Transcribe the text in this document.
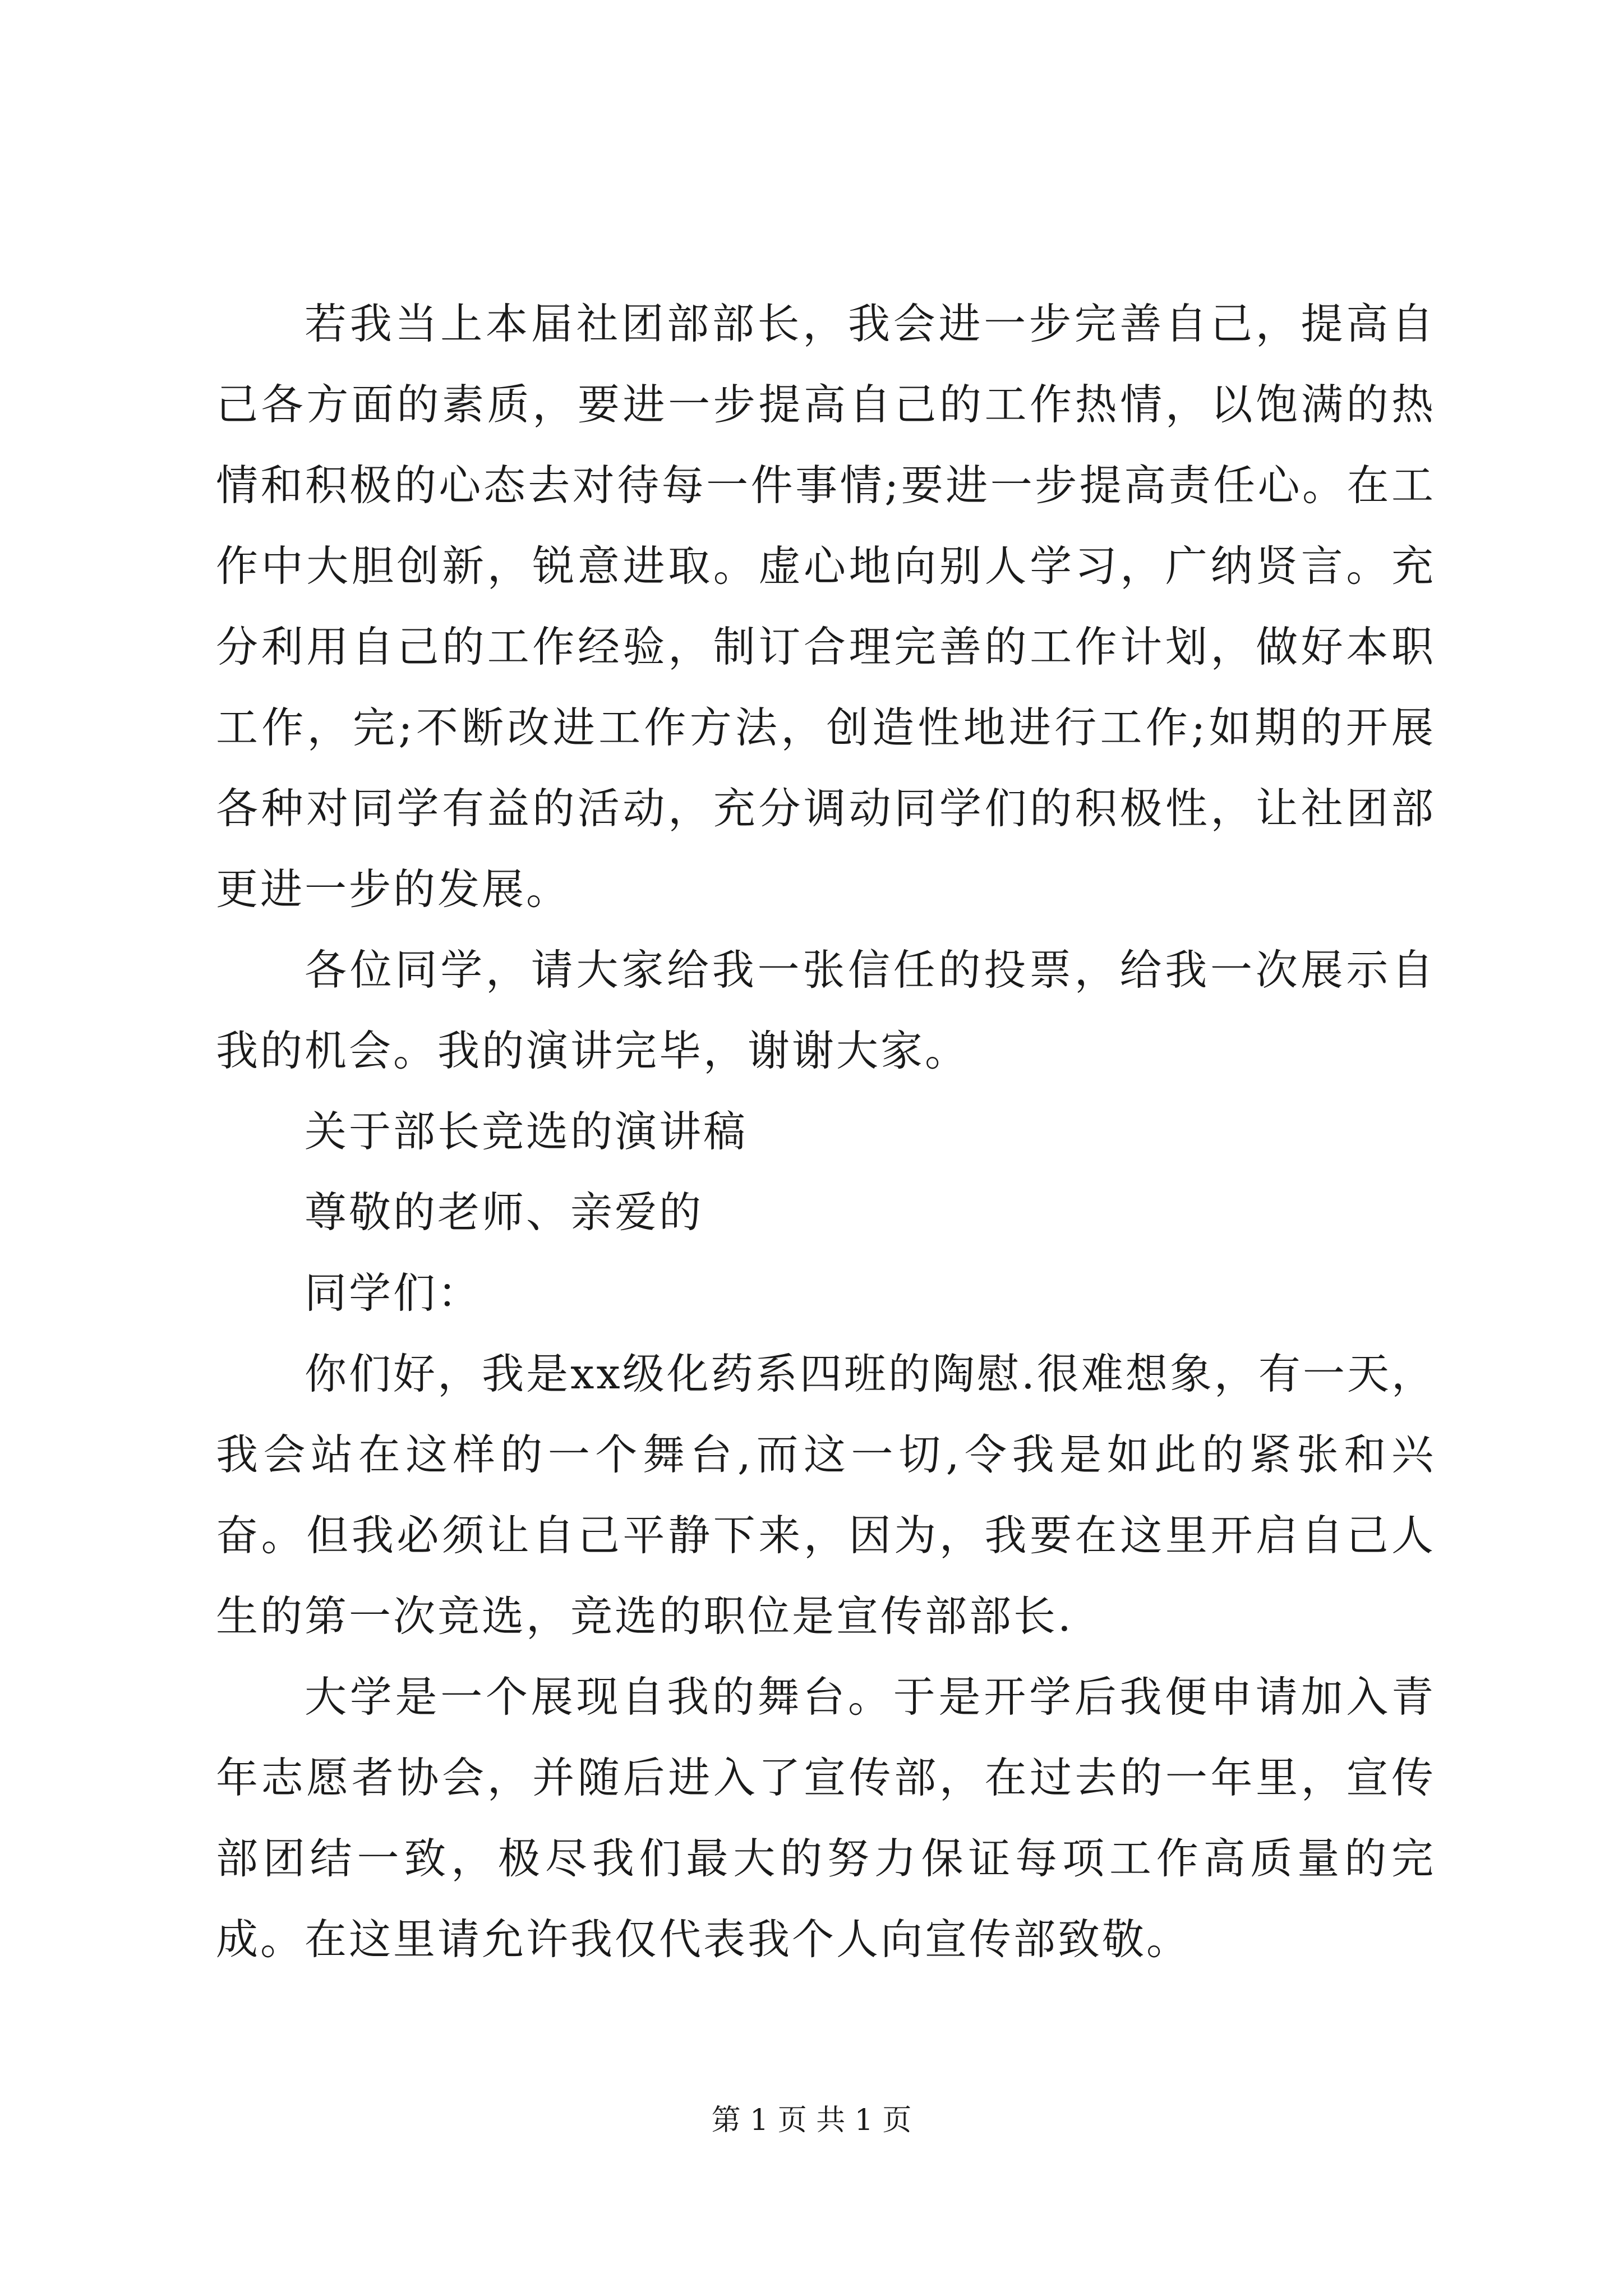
若我当上本届社团部部长，我会进一步完善自己，提高自己各方面的素质，要进一步提高自己的工作热情，以饱满的热情和积极的心态去对待每一件事情;要进一步提高责任心。在工作中大胆创新，锐意进取。虚心地向别人学习，广纳贤言。充分利用自己的工作经验，制订合理完善的工作计划，做好本职工作，完;不断改进工作方法，创造性地进行工作;如期的开展各种对同学有益的活动，充分调动同学们的积极性，让社团部更进一步的发展。

各位同学，请大家给我一张信任的投票，给我一次展示自我的机会。我的演讲完毕，谢谢大家。

关于部长竞选的演讲稿

尊敬的老师、亲爱的

同学们：

你们好，我是xx级化药系四班的陶慰.很难想象，有一天，我会站在这样的一个舞台,而这一切,令我是如此的紧张和兴奋。但我必须让自己平静下来，因为，我要在这里开启自己人生的第一次竞选，竞选的职位是宣传部部长.

大学是一个展现自我的舞台。于是开学后我便申请加入青年志愿者协会，并随后进入了宣传部，在过去的一年里，宣传部团结一致，极尽我们最大的努力保证每项工作高质量的完成。在这里请允许我仅代表我个人向宣传部致敬。

第 1 页 共 1 页
